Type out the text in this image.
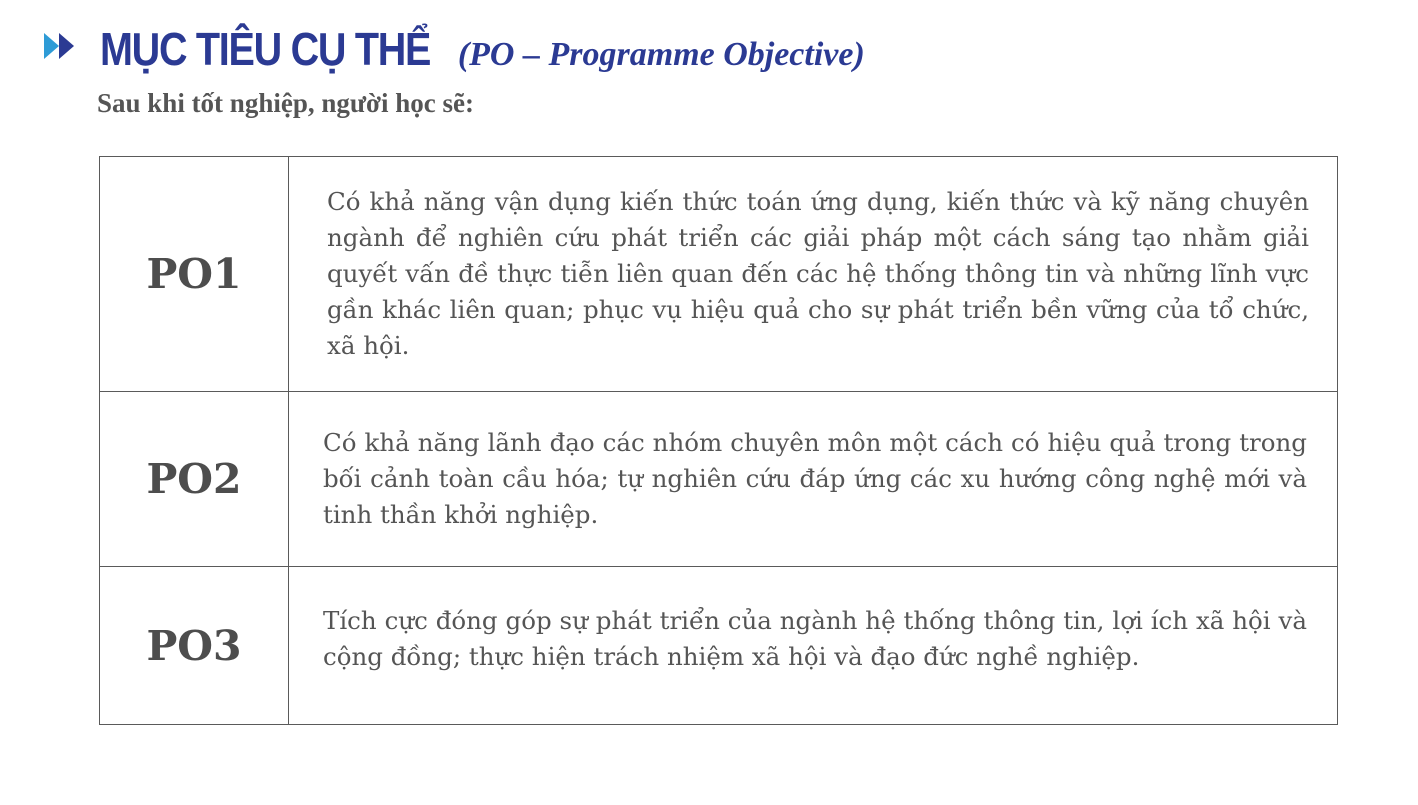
MỤC TIÊU CỤ THỂ (PO – Programme Objective)
Sau khi tốt nghiệp, người học sẽ:
PO1	Có khả năng vận dụng kiến thức toán ứng dụng, kiến thức và kỹ năng chuyên ngành để nghiên cứu phát triển các giải pháp một cách sáng tạo nhằm giải quyết vấn đề thực tiễn liên quan đến các hệ thống thông tin và những lĩnh vực gần khác liên quan; phục vụ hiệu quả cho sự phát triển bền vững của tổ chức, xã hội.
PO2	Có khả năng lãnh đạo các nhóm chuyên môn một cách có hiệu quả trong trong bối cảnh toàn cầu hóa; tự nghiên cứu đáp ứng các xu hướng công nghệ mới và tinh thần khởi nghiệp.
PO3	Tích cực đóng góp sự phát triển của ngành hệ thống thông tin, lợi ích xã hội và cộng đồng; thực hiện trách nhiệm xã hội và đạo đức nghề nghiệp.
